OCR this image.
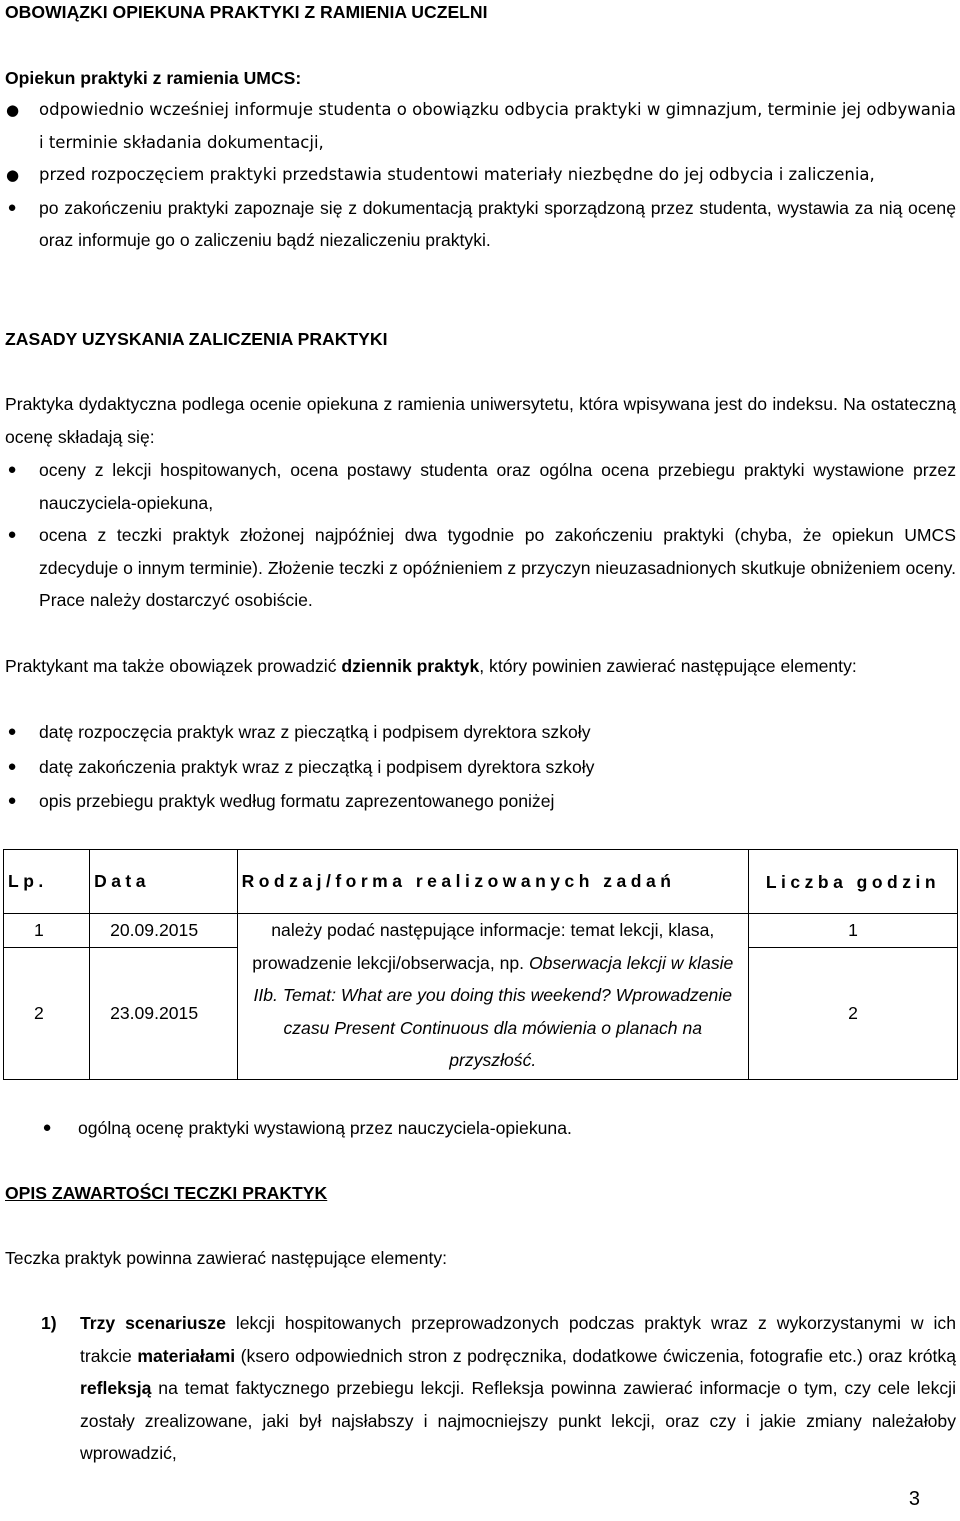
OBOWIĄZKI OPIEKUNA PRAKTYKI Z RAMIENIA UCZELNI
Opiekun praktyki z ramienia UMCS:
● odpowiednio wcześniej informuje studenta o obowiązku odbycia praktyki w gimnazjum, terminie jej odbywania i terminie składania dokumentacji,
● przed rozpoczęciem praktyki przedstawia studentowi materiały niezbędne do jej odbycia i zaliczenia,
● po zakończeniu praktyki zapoznaje się z dokumentacją praktyki sporządzoną przez studenta, wystawia za nią ocenę oraz informuje go o zaliczeniu bądź niezaliczeniu praktyki.
ZASADY UZYSKANIA ZALICZENIA PRAKTYKI

Praktyka dydaktyczna podlega ocenie opiekuna z ramienia uniwersytetu, która wpisywana jest do indeksu. Na ostateczną ocenę składają się:

● oceny z lekcji hospitowanych, ocena postawy studenta oraz ogólna ocena przebiegu praktyki wystawione przez nauczyciela-opiekuna,
● ocena z teczki praktyk złożonej najpóźniej dwa tygodnie po zakończeniu praktyki (chyba, że opiekun UMCS zdecyduje o innym terminie). Złożenie teczki z opóźnieniem z przyczyn nieuzasadnionych skutkuje obniżeniem oceny. Prace należy dostarczyć osobiście.

Praktykant ma także obowiązek prowadzić dziennik praktyk, który powinien zawierać następujące elementy:

● datę rozpoczęcia praktyk wraz z pieczątką i podpisem dyrektora szkoły
● datę zakończenia praktyk wraz z pieczątką i podpisem dyrektora szkoły
● opis przebiegu praktyk według formatu zaprezentowanego poniżej
Lp.	Data	Rodzaj/forma realizowanych zadań	Liczba godzin
1	20.09.2015	należy podać następujące informacje: temat lekcji, klasa, prowadzenie lekcji/obserwacja, np. Obserwacja lekcji w klasie IIb. Temat: What are you doing this weekend? Wprowadzenie czasu Present Continuous dla mówienia o planach na przyszłość.	1
2	23.09.2015		2
● ogólną ocenę praktyki wystawioną przez nauczyciela-opiekuna.
OPIS ZAWARTOŚCI TECZKI PRAKTYK

Teczka praktyk powinna zawierać następujące elementy:

1) Trzy scenariusze lekcji hospitowanych przeprowadzonych podczas praktyk wraz z wykorzystanymi w ich trakcie materiałami (ksero odpowiednich stron z podręcznika, dodatkowe ćwiczenia, fotografie etc.) oraz krótką refleksją na temat faktycznego przebiegu lekcji. Refleksja powinna zawierać informacje o tym, czy cele lekcji zostały zrealizowane, jaki był najsłabszy i najmocniejszy punkt lekcji, oraz czy i jakie zmiany należałoby wprowadzić,
3
